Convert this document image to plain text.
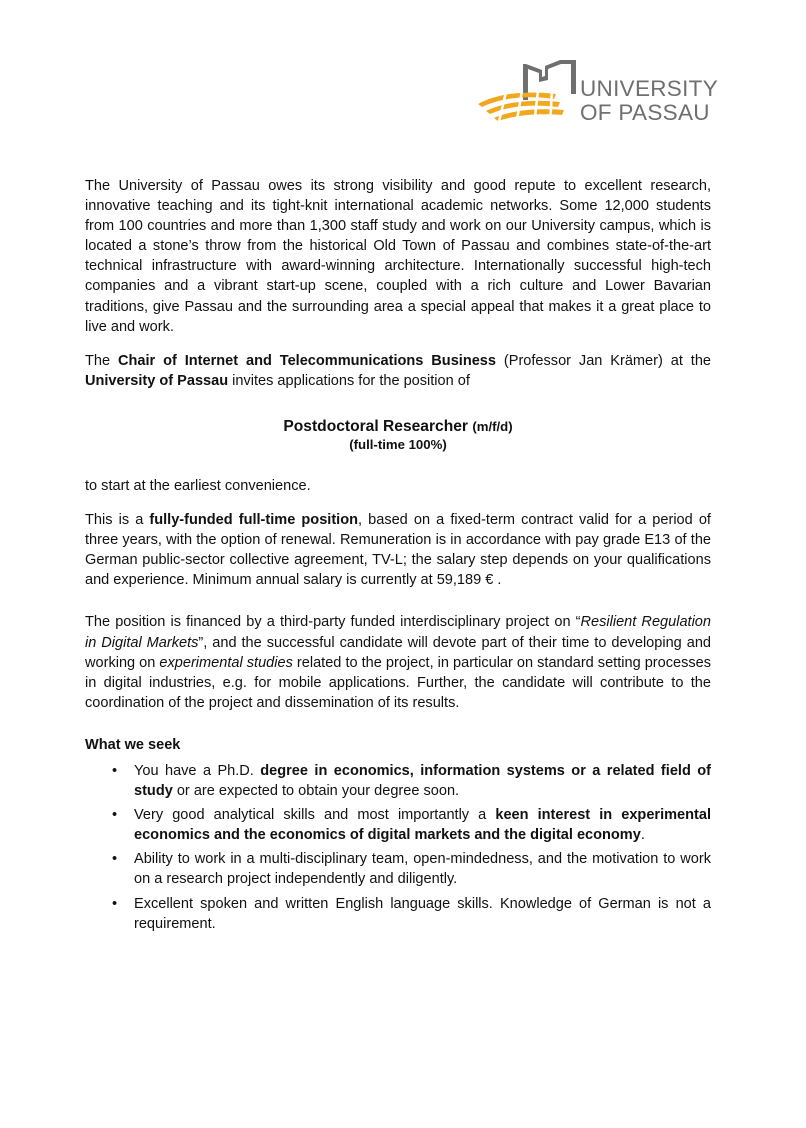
UNIVERSITY
OF PASSAU

The University of Passau owes its strong visibility and good repute to excellent research, innovative teaching and its tight-knit international academic networks. Some 12,000 students from 100 countries and more than 1,300 staff study and work on our University campus, which is located a stone’s throw from the historical Old Town of Passau and combines state-of-the-art technical infrastructure with award-winning architecture. Internationally successful high-tech companies and a vibrant start-up scene, coupled with a rich culture and Lower Bavarian traditions, give Passau and the surrounding area a special appeal that makes it a great place to live and work.

The Chair of Internet and Telecommunications Business (Professor Jan Krämer) at the University of Passau invites applications for the position of

Postdoctoral Researcher (m/f/d)
(full-time 100%)

to start at the earliest convenience.

This is a fully-funded full-time position, based on a fixed-term contract valid for a period of three years, with the option of renewal. Remuneration is in accordance with pay grade E13 of the German public-sector collective agreement, TV-L; the salary step depends on your qualifications and experience. Minimum annual salary is currently at 59,189 € .

The position is financed by a third-party funded interdisciplinary project on “Resilient Regulation in Digital Markets”, and the successful candidate will devote part of their time to developing and working on experimental studies related to the project, in particular on standard setting processes in digital industries, e.g. for mobile applications. Further, the candidate will contribute to the coordination of the project and dissemination of its results.

What we seek

• You have a Ph.D. degree in economics, information systems or a related field of study or are expected to obtain your degree soon.
• Very good analytical skills and most importantly a keen interest in experimental economics and the economics of digital markets and the digital economy.
• Ability to work in a multi-disciplinary team, open-mindedness, and the motivation to work on a research project independently and diligently.
• Excellent spoken and written English language skills. Knowledge of German is not a requirement.
